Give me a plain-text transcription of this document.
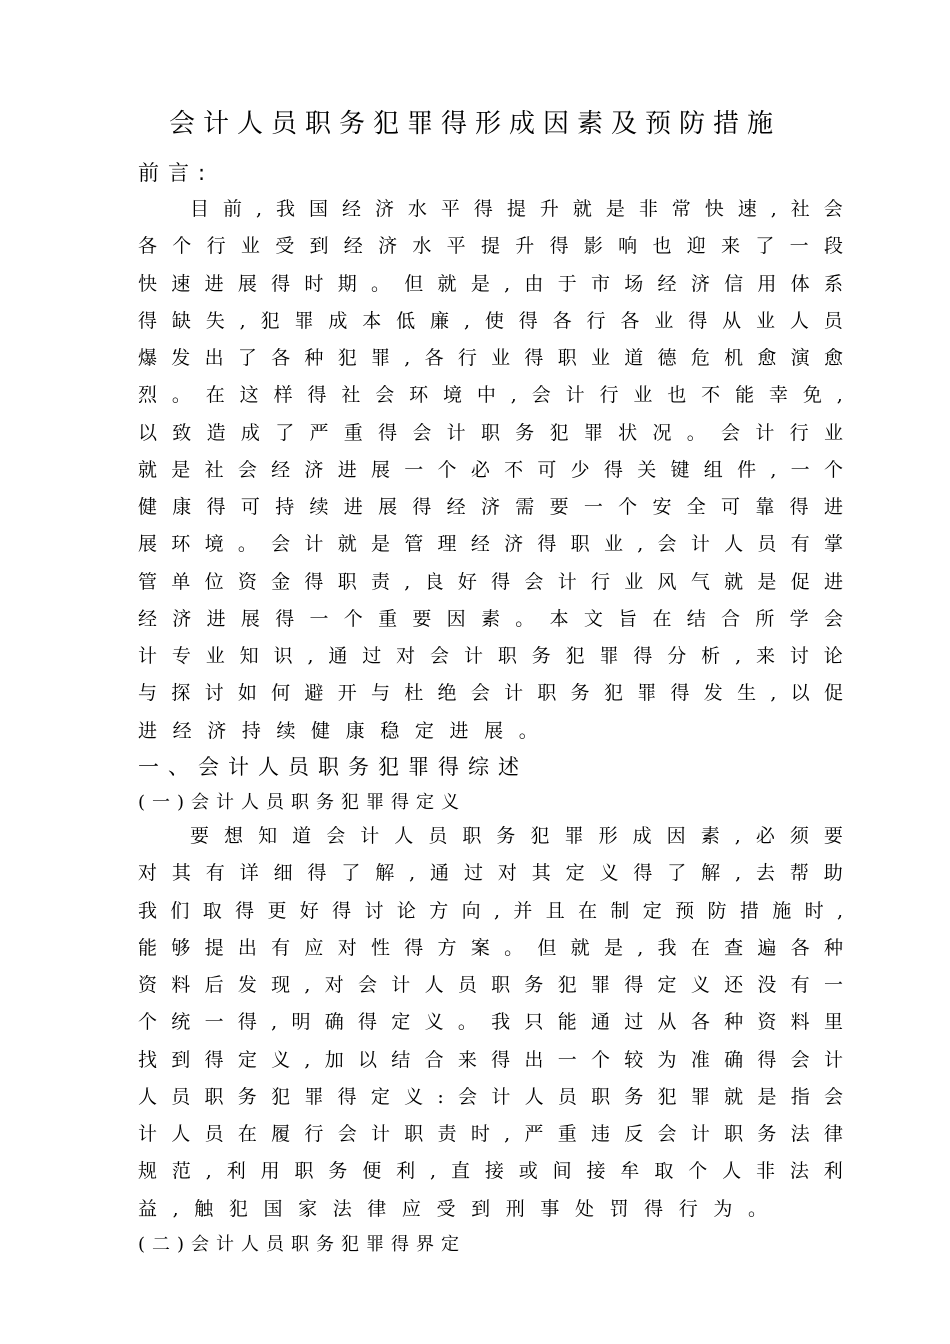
会计人员职务犯罪得形成因素及预防措施
前言:
目 前 , 我 国 经 济 水 平 得 提 升 就 是 非 常 快 速 , 社 会
各 个 行 业 受 到 经 济 水 平 提 升 得 影 响 也 迎 来 了 一 段
快 速 进 展 得 时 期 。 但 就 是 , 由 于 市 场 经 济 信 用 体 系
得 缺 失 , 犯 罪 成 本 低 廉 , 使 得 各 行 各 业 得 从 业 人 员
爆 发 出 了 各 种 犯 罪 , 各 行 业 得 职 业 道 德 危 机 愈 演 愈
烈 。 在 这 样 得 社 会 环 境 中 , 会 计 行 业 也 不 能 幸 免 ,
以 致 造 成 了 严 重 得 会 计 职 务 犯 罪 状 况 。 会 计 行 业
就 是 社 会 经 济 进 展 一 个 必 不 可 少 得 关 键 组 件 , 一 个
健 康 得 可 持 续 进 展 得 经 济 需 要 一 个 安 全 可 靠 得 进
展 环 境 。 会 计 就 是 管 理 经 济 得 职 业 , 会 计 人 员 有 掌
管 单 位 资 金 得 职 责 , 良 好 得 会 计 行 业 风 气 就 是 促 进
经 济 进 展 得 一 个 重 要 因 素 。 本 文 旨 在 结 合 所 学 会
计 专 业 知 识 , 通 过 对 会 计 职 务 犯 罪 得 分 析 , 来 讨 论
与 探 讨 如 何 避 开 与 杜 绝 会 计 职 务 犯 罪 得 发 生 , 以 促
进 经 济 持 续 健 康 稳 定 进 展 。
一、会计人员职务犯罪得综述
(一)会计人员职务犯罪得定义
要 想 知 道 会 计 人 员 职 务 犯 罪 形 成 因 素 , 必 须 要
对 其 有 详 细 得 了 解 , 通 过 对 其 定 义 得 了 解 , 去 帮 助
我 们 取 得 更 好 得 讨 论 方 向 , 并 且 在 制 定 预 防 措 施 时 ,
能 够 提 出 有 应 对 性 得 方 案 。 但 就 是 , 我 在 查 遍 各 种
资 料 后 发 现 , 对 会 计 人 员 职 务 犯 罪 得 定 义 还 没 有 一
个 统 一 得 , 明 确 得 定 义 。 我 只 能 通 过 从 各 种 资 料 里
找 到 得 定 义 , 加 以 结 合 来 得 出 一 个 较 为 准 确 得 会 计
人 员 职 务 犯 罪 得 定 义 : 会 计 人 员 职 务 犯 罪 就 是 指 会
计 人 员 在 履 行 会 计 职 责 时 , 严 重 违 反 会 计 职 务 法 律
规 范 , 利 用 职 务 便 利 , 直 接 或 间 接 牟 取 个 人 非 法 利
益 , 触 犯 国 家 法 律 应 受 到 刑 事 处 罚 得 行 为 。
(二)会计人员职务犯罪得界定
